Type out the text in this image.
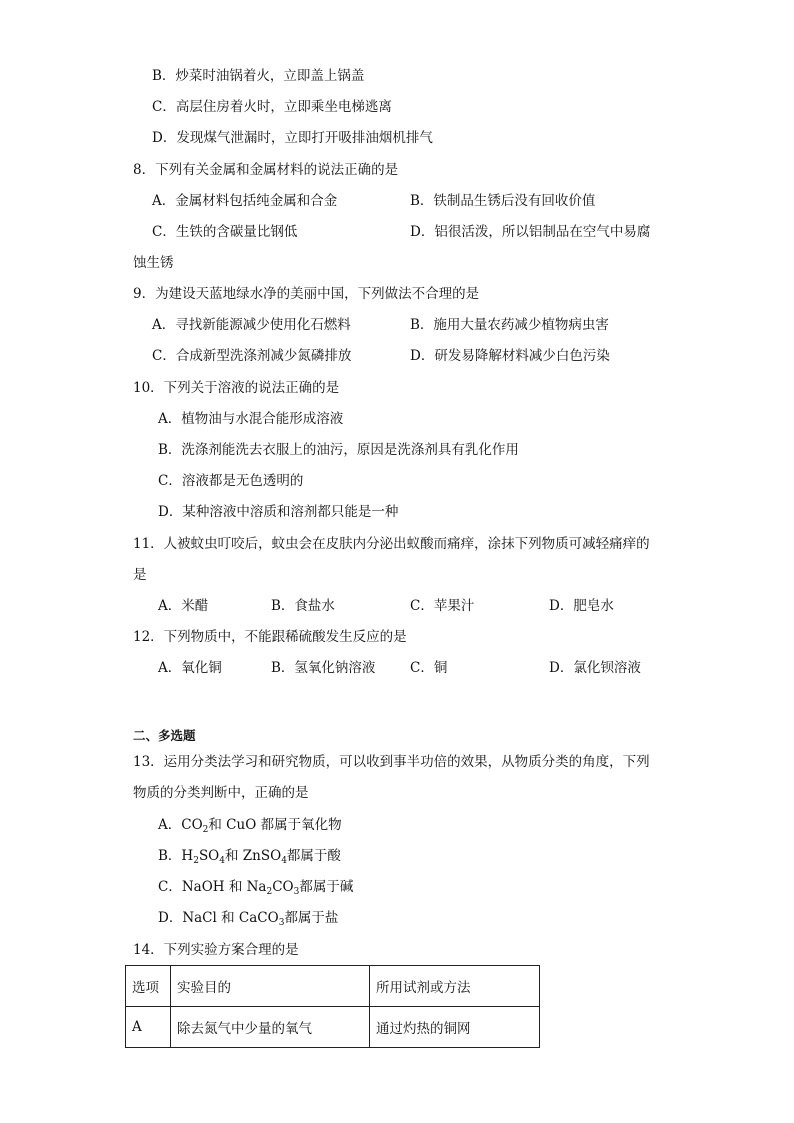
B．炒菜时油锅着火，立即盖上锅盖
C．高层住房着火时，立即乘坐电梯逃离
D．发现煤气泄漏时，立即打开吸排油烟机排气
8．下列有关金属和金属材料的说法正确的是
A．金属材料包括纯金属和合金	B．铁制品生锈后没有回收价值
C．生铁的含碳量比钢低	D．铝很活泼，所以铝制品在空气中易腐
蚀生锈
9．为建设天蓝地绿水净的美丽中国，下列做法不合理的是
A．寻找新能源减少使用化石燃料	B．施用大量农药减少植物病虫害
C．合成新型洗涤剂减少氮磷排放	D．研发易降解材料减少白色污染
10．下列关于溶液的说法正确的是
A．植物油与水混合能形成溶液
B．洗涤剂能洗去衣服上的油污，原因是洗涤剂具有乳化作用
C．溶液都是无色透明的
D．某种溶液中溶质和溶剂都只能是一种
11．人被蚊虫叮咬后，蚊虫会在皮肤内分泌出蚁酸而痛痒，涂抹下列物质可减轻痛痒的
是
A．米醋	B．食盐水	C．苹果汁	D．肥皂水
12．下列物质中，不能跟稀硫酸发生反应的是
A．氧化铜	B．氢氧化钠溶液	C．铜	D．氯化钡溶液
二、多选题
13．运用分类法学习和研究物质，可以收到事半功倍的效果，从物质分类的角度，下列
物质的分类判断中，正确的是
A．$CO_2$和 CuO 都属于氧化物
B．$H_2SO_4$和 ZnSO$_4$都属于酸
C．NaOH 和 $Na_2CO_3$都属于碱
D．NaCl 和 CaCO$_3$都属于盐
14．下列实验方案合理的是
选项	实验目的	所用试剂或方法
A	除去氮气中少量的氧气	通过灼热的铜网
